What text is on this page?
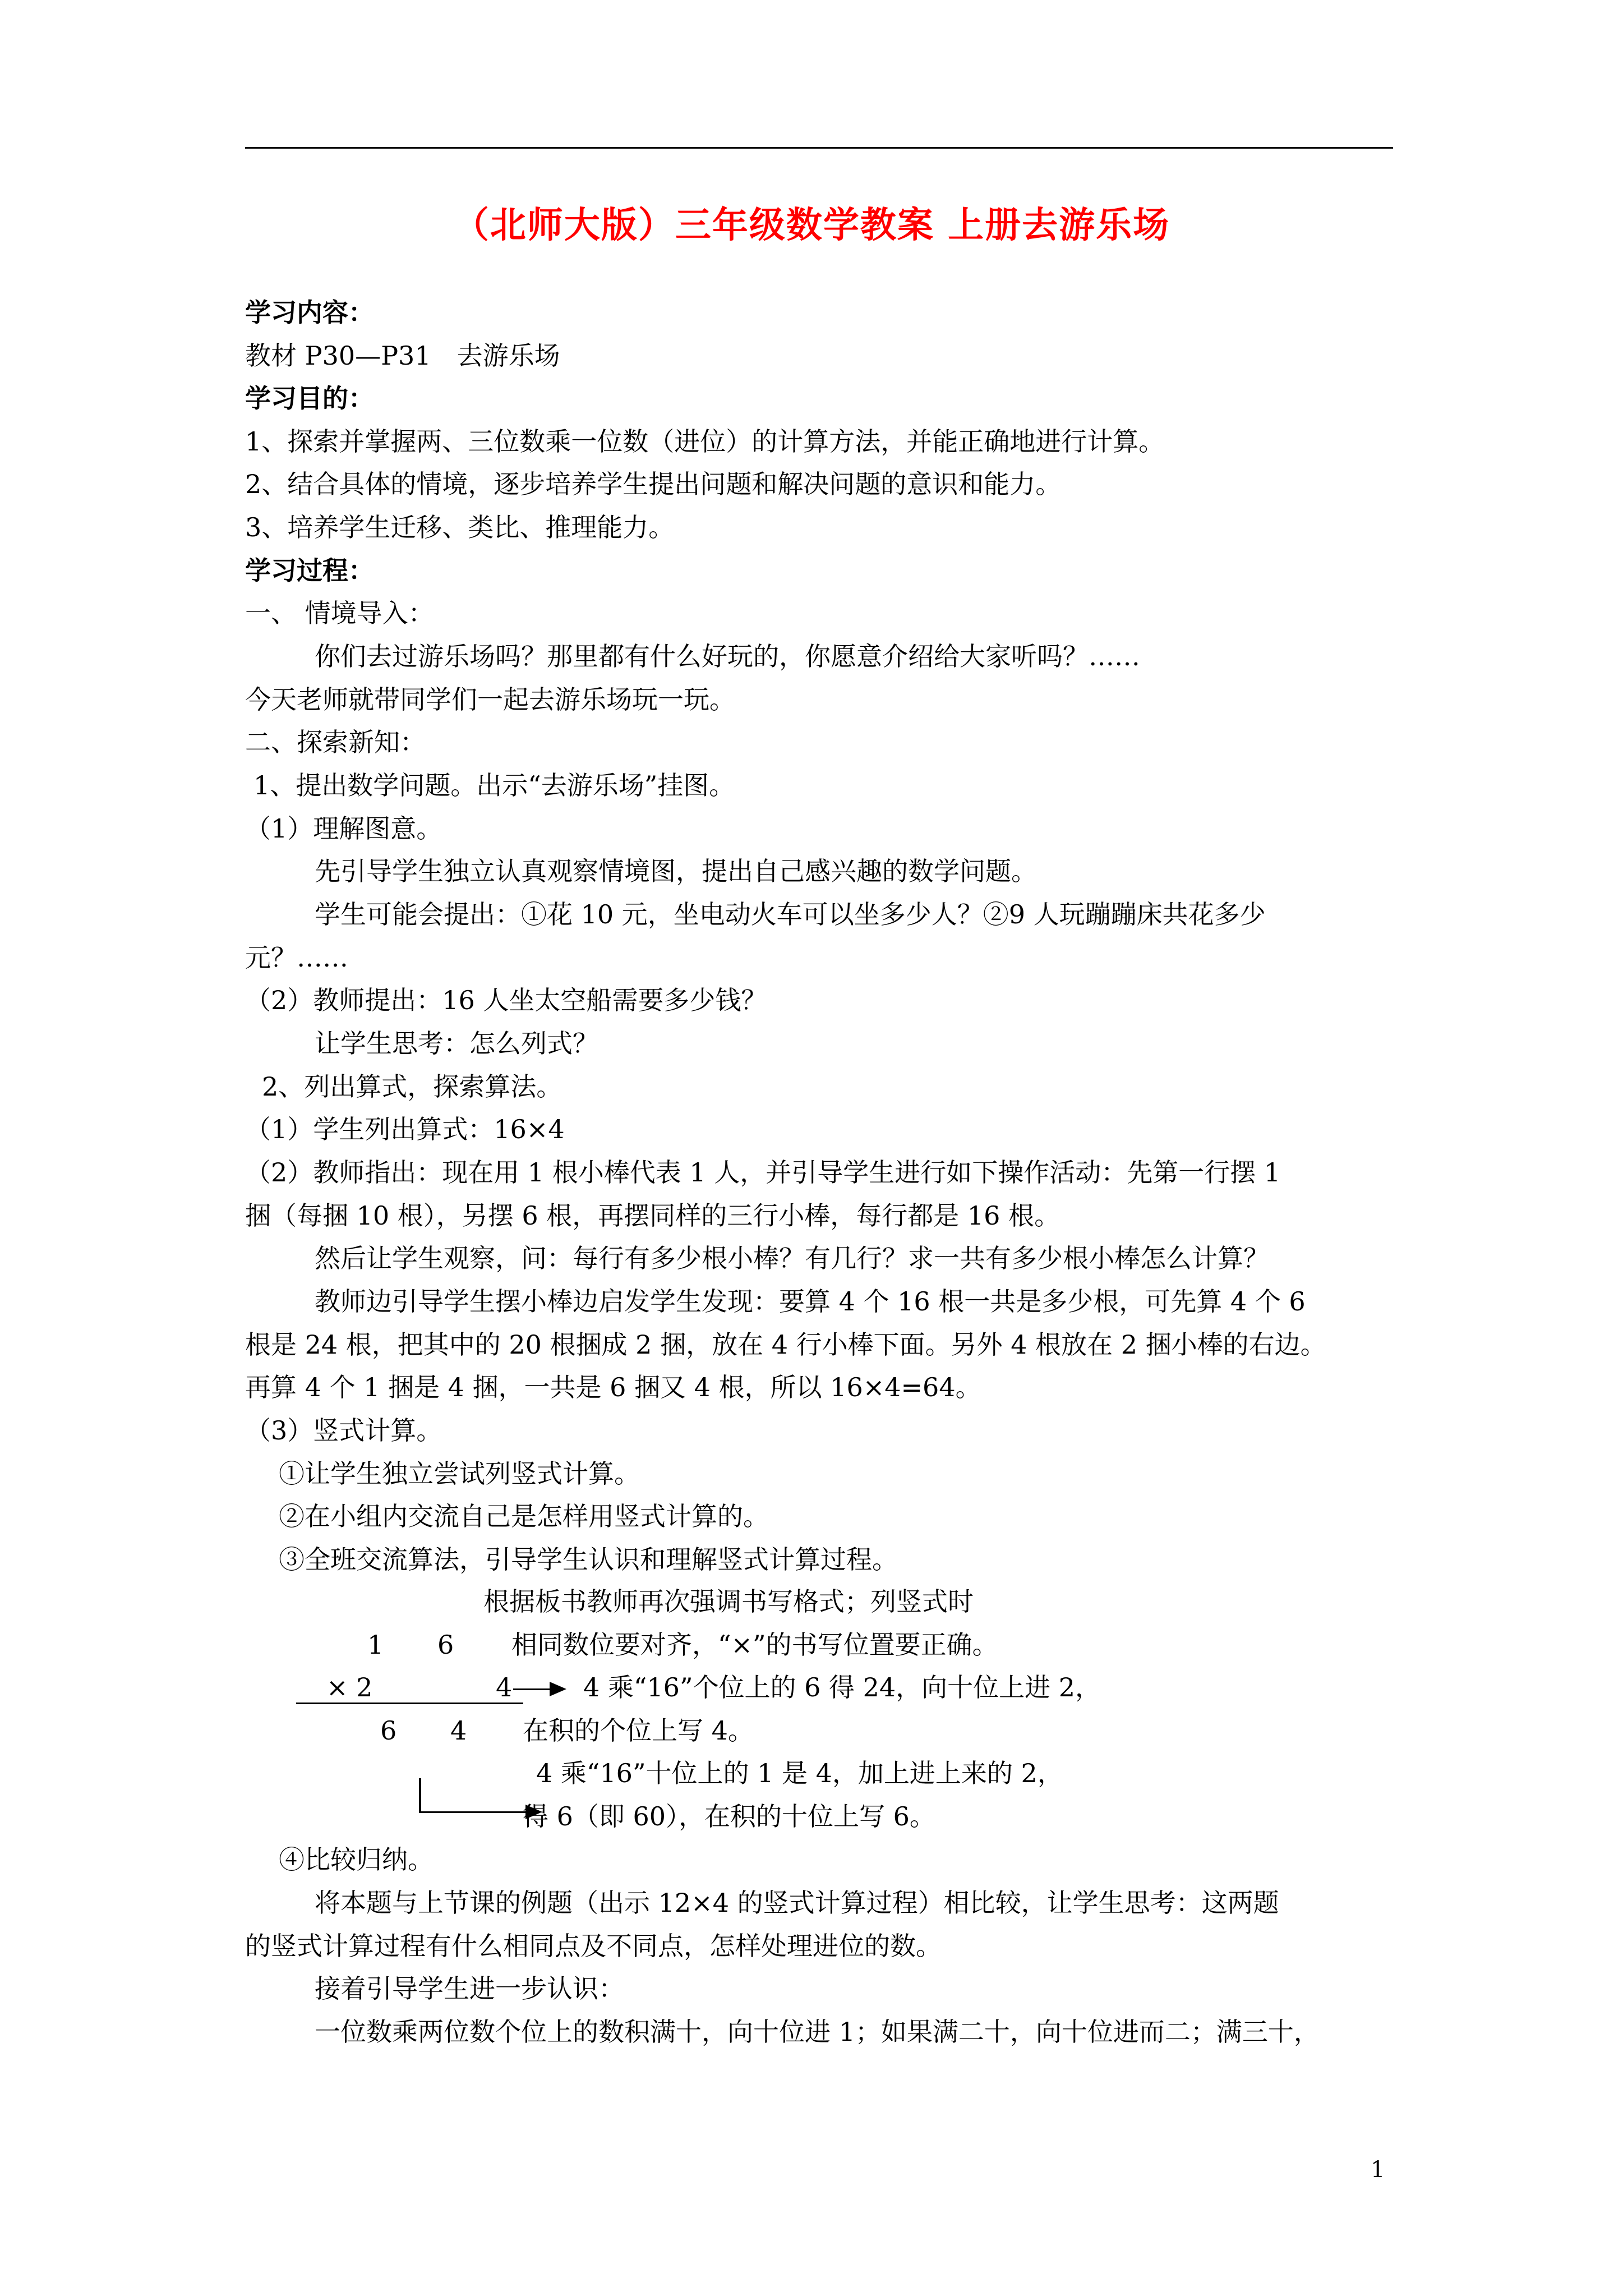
（北师大版）三年级数学教案 上册去游乐场
学习内容：
教材 P30—P31　去游乐场
学习目的：
1、探索并掌握两、三位数乘一位数（进位）的计算方法，并能正确地进行计算。
2、结合具体的情境，逐步培养学生提出问题和解决问题的意识和能力。
3、培养学生迁移、类比、推理能力。
学习过程：
一、 情境导入：
你们去过游乐场吗？那里都有什么好玩的，你愿意介绍给大家听吗？……
今天老师就带同学们一起去游乐场玩一玩。
二、探索新知：
1、提出数学问题。出示“去游乐场”挂图。
（1）理解图意。
先引导学生独立认真观察情境图，提出自己感兴趣的数学问题。
学生可能会提出：①花 10 元，坐电动火车可以坐多少人？②9 人玩蹦蹦床共花多少
元？……
（2）教师提出：16 人坐太空船需要多少钱？
让学生思考：怎么列式？
2、列出算式，探索算法。
（1）学生列出算式：16×4
（2）教师指出：现在用 1 根小棒代表 1 人，并引导学生进行如下操作活动：先第一行摆 1
捆（每捆 10 根），另摆 6 根，再摆同样的三行小棒，每行都是 16 根。
然后让学生观察，问：每行有多少根小棒？有几行？求一共有多少根小棒怎么计算？
教师边引导学生摆小棒边启发学生发现：要算 4 个 16 根一共是多少根，可先算 4 个 6
根是 24 根，把其中的 20 根捆成 2 捆，放在 4 行小棒下面。另外 4 根放在 2 捆小棒的右边。
再算 4 个 1 捆是 4 捆，一共是 6 捆又 4 根，所以 16×4=64。
（3）竖式计算。
①让学生独立尝试列竖式计算。
②在小组内交流自己是怎样用竖式计算的。
③全班交流算法，引导学生认识和理解竖式计算过程。
根据板书教师再次强调书写格式；列竖式时
相同数位要对齐，“×”的书写位置要正确。
4 乘“16”个位上的 6 得 24，向十位上进 2，
在积的个位上写 4。
4 乘“16”十位上的 1 是 4，加上进上来的 2，
得 6（即 60），在积的十位上写 6。
1 6
× 2	4
6 4
④比较归纳。
将本题与上节课的例题（出示 12×4 的竖式计算过程）相比较，让学生思考：这两题
的竖式计算过程有什么相同点及不同点，怎样处理进位的数。
接着引导学生进一步认识：
一位数乘两位数个位上的数积满十，向十位进 1；如果满二十，向十位进而二；满三十，
1
